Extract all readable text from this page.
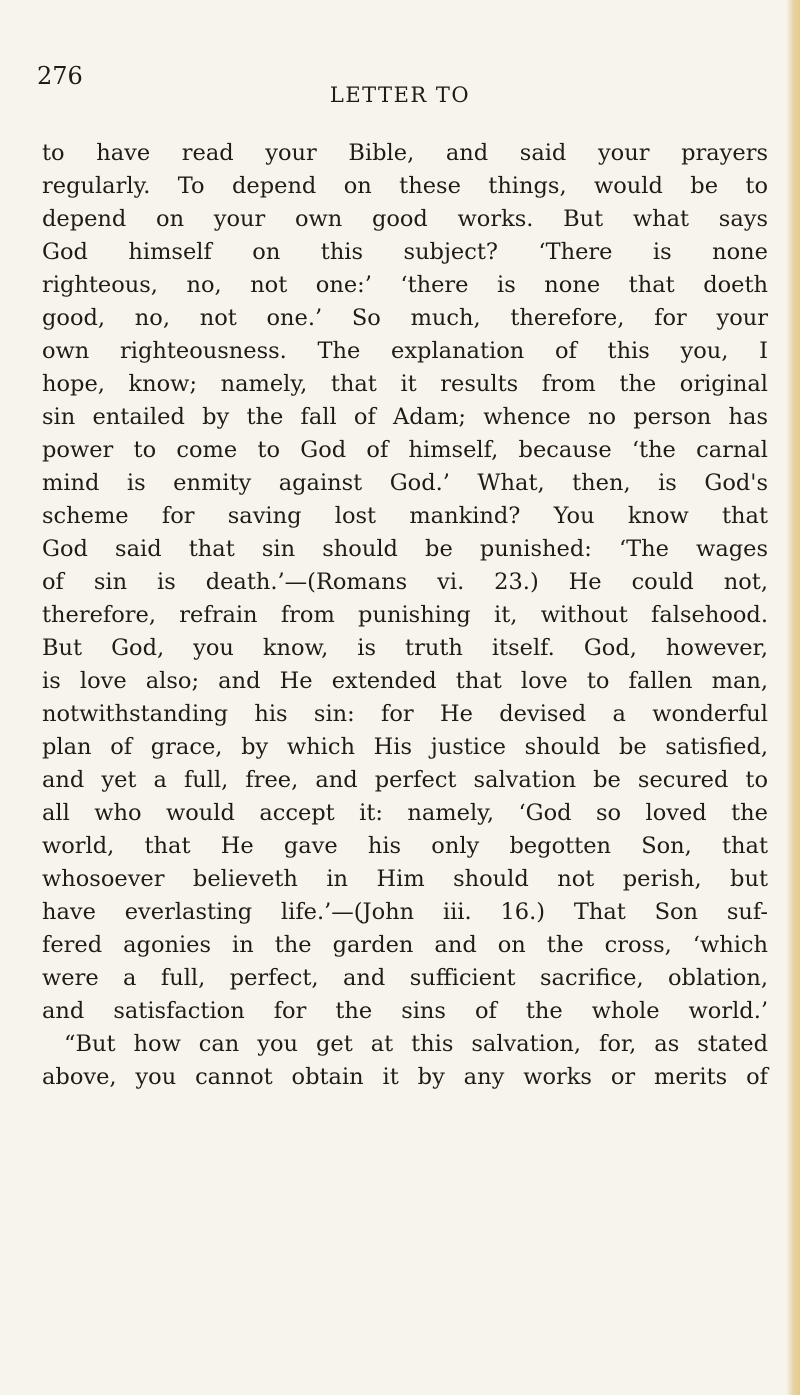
276
LETTER TO
to have read your Bible, and said your prayers
regularly. To depend on these things, would be to
depend on your own good works. But what says
God himself on this subject? ‘There is none
righteous, no, not one:’ ‘there is none that doeth
good, no, not one.’ So much, therefore, for your
own righteousness. The explanation of this you, I
hope, know; namely, that it results from the original
sin entailed by the fall of Adam; whence no person has
power to come to God of himself, because ‘the carnal
mind is enmity against God.’ What, then, is God's
scheme for saving lost mankind? You know that
God said that sin should be punished: ‘The wages
of sin is death.’—(Romans vi. 23.) He could not,
therefore, refrain from punishing it, without falsehood.
But God, you know, is truth itself. God, however,
is love also; and He extended that love to fallen man,
notwithstanding his sin: for He devised a wonderful
plan of grace, by which His justice should be satisfied,
and yet a full, free, and perfect salvation be secured to
all who would accept it: namely, ‘God so loved the
world, that He gave his only begotten Son, that
whosoever believeth in Him should not perish, but
have everlasting life.’—(John iii. 16.) That Son suf-
fered agonies in the garden and on the cross, ‘which
were a full, perfect, and sufficient sacrifice, oblation,
and satisfaction for the sins of the whole world.’
“But how can you get at this salvation, for, as stated
above, you cannot obtain it by any works or merits of
